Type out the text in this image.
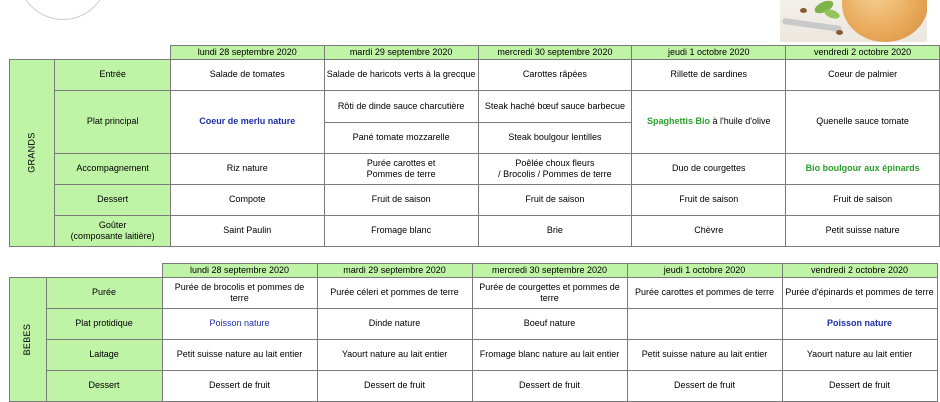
		lundi 28 septembre 2020	mardi 29 septembre 2020	mercredi 30 septembre 2020	jeudi 1 octobre 2020	vendredi 2 octobre 2020
GRANDS	Entrée	Salade de tomates	Salade de haricots verts à la grecque	Carottes râpées	Rillette de sardines	Coeur de palmier
	Plat principal	Coeur de merlu nature	Rôti de dinde sauce charcutière	Steak haché bœuf sauce barbecue	Spaghettis Bio à l'huile d'olive	Quenelle sauce tomate
			Pané tomate mozzarelle	Steak boulgour lentilles		
	Accompagnement	Riz nature	Purée carottes et
Pommes de terre	Poêlée choux fleurs
/ Brocolis / Pommes de terre	Duo de courgettes	Bio boulgour aux épinards
	Dessert	Compote	Fruit de saison	Fruit de saison	Fruit de saison	Fruit de saison
	Goûter
(composante laitière)	Saint Paulin	Fromage blanc	Brie	Chèvre	Petit suisse nature
		lundi 28 septembre 2020	mardi 29 septembre 2020	mercredi 30 septembre 2020	jeudi 1 octobre 2020	vendredi 2 octobre 2020
BEBES	Purée	Purée de brocolis et pommes de terre	Purée céleri et pommes de terre	Purée de courgettes et pommes de terre	Purée carottes et pommes de terre	Purée d'épinards et pommes de terre
	Plat protidique	Poisson nature	Dinde nature	Boeuf nature		Poisson nature
	Laitage	Petit suisse nature au lait entier	Yaourt nature au lait entier	Fromage blanc nature au lait entier	Petit suisse nature au lait entier	Yaourt nature au lait entier
	Dessert	Dessert de fruit	Dessert de fruit	Dessert de fruit	Dessert de fruit	Dessert de fruit
